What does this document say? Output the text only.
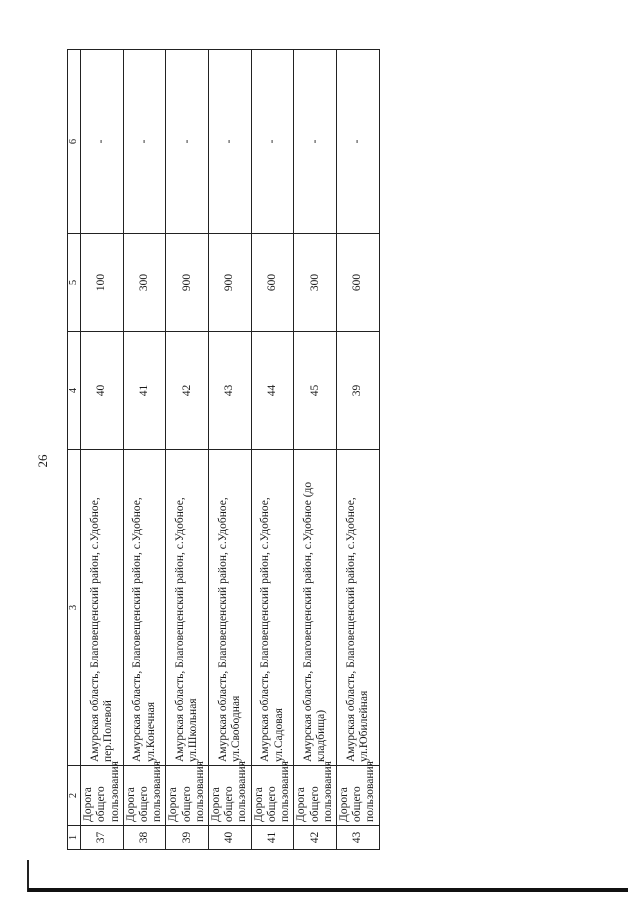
26
1	2	3	4	5	6
37	Дорога общего пользования	Амурская область, Благовещенский район, с.Удобное, пер.Полевой	40	100	-
38	Дорога общего пользования	Амурская область, Благовещенский район, с.Удобное, ул.Конечная	41	300	-
39	Дорога общего пользования	Амурская область, Благовещенский район, с.Удобное, ул.Школьная	42	900	-
40	Дорога общего пользования	Амурская область, Благовещенский район, с.Удобное, ул.Свободная	43	900	-
41	Дорога общего пользования	Амурская область, Благовещенский район, с.Удобное, ул.Садовая	44	600	-
42	Дорога общего пользования	Амурская область, Благовещенский район, с.Удобное (до кладбища)	45	300	-
43	Дорога общего пользования	Амурская область, Благовещенский район, с.Удобное, ул.Юбилейная	39	600	-
